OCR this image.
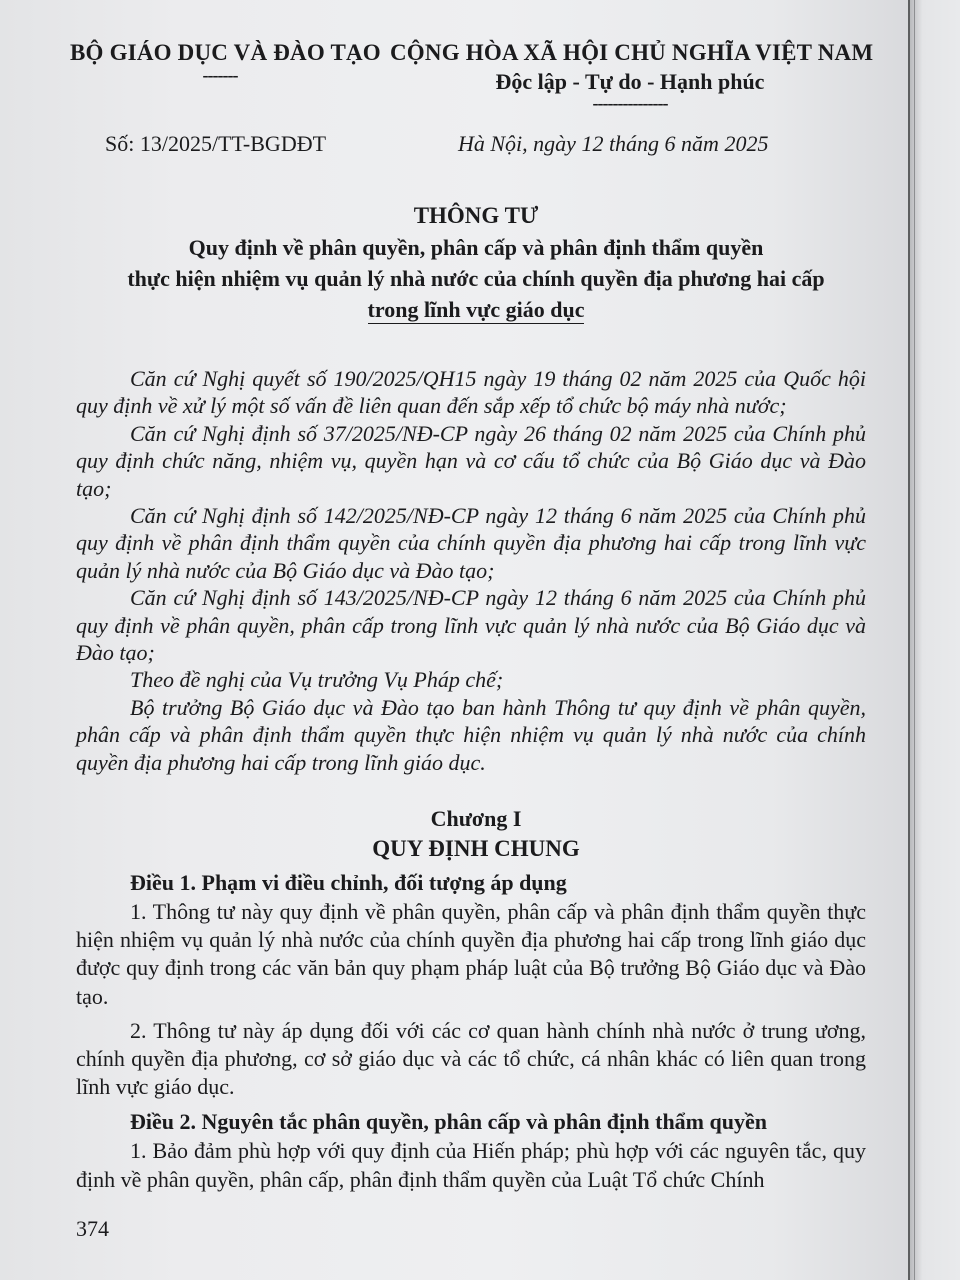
BỘ GIÁO DỤC VÀ ĐÀO TẠO
-------
CỘNG HÒA XÃ HỘI CHỦ NGHĨA VIỆT NAM
Độc lập - Tự do - Hạnh phúc
---------------
Số: 13/2025/TT-BGDĐT	Hà Nội, ngày 12 tháng 6 năm 2025
THÔNG TƯ
Quy định về phân quyền, phân cấp và phân định thẩm quyền
thực hiện nhiệm vụ quản lý nhà nước của chính quyền địa phương hai cấp
trong lĩnh vực giáo dục

Căn cứ Nghị quyết số 190/2025/QH15 ngày 19 tháng 02 năm 2025 của Quốc hội quy định về xử lý một số vấn đề liên quan đến sắp xếp tổ chức bộ máy nhà nước;

Căn cứ Nghị định số 37/2025/NĐ-CP ngày 26 tháng 02 năm 2025 của Chính phủ quy định chức năng, nhiệm vụ, quyền hạn và cơ cấu tổ chức của Bộ Giáo dục và Đào tạo;

Căn cứ Nghị định số 142/2025/NĐ-CP ngày 12 tháng 6 năm 2025 của Chính phủ quy định về phân định thẩm quyền của chính quyền địa phương hai cấp trong lĩnh vực quản lý nhà nước của Bộ Giáo dục và Đào tạo;

Căn cứ Nghị định số 143/2025/NĐ-CP ngày 12 tháng 6 năm 2025 của Chính phủ quy định về phân quyền, phân cấp trong lĩnh vực quản lý nhà nước của Bộ Giáo dục và Đào tạo;

Theo đề nghị của Vụ trưởng Vụ Pháp chế;

Bộ trưởng Bộ Giáo dục và Đào tạo ban hành Thông tư quy định về phân quyền, phân cấp và phân định thẩm quyền thực hiện nhiệm vụ quản lý nhà nước của chính quyền địa phương hai cấp trong lĩnh giáo dục.

Chương I
QUY ĐỊNH CHUNG
Điều 1. Phạm vi điều chỉnh, đối tượng áp dụng

1. Thông tư này quy định về phân quyền, phân cấp và phân định thẩm quyền thực hiện nhiệm vụ quản lý nhà nước của chính quyền địa phương hai cấp trong lĩnh giáo dục được quy định trong các văn bản quy phạm pháp luật của Bộ trưởng Bộ Giáo dục và Đào tạo.

2. Thông tư này áp dụng đối với các cơ quan hành chính nhà nước ở trung ương, chính quyền địa phương, cơ sở giáo dục và các tổ chức, cá nhân khác có liên quan trong lĩnh vực giáo dục.

Điều 2. Nguyên tắc phân quyền, phân cấp và phân định thẩm quyền

1. Bảo đảm phù hợp với quy định của Hiến pháp; phù hợp với các nguyên tắc, quy định về phân quyền, phân cấp, phân định thẩm quyền của Luật Tổ chức Chính

374
